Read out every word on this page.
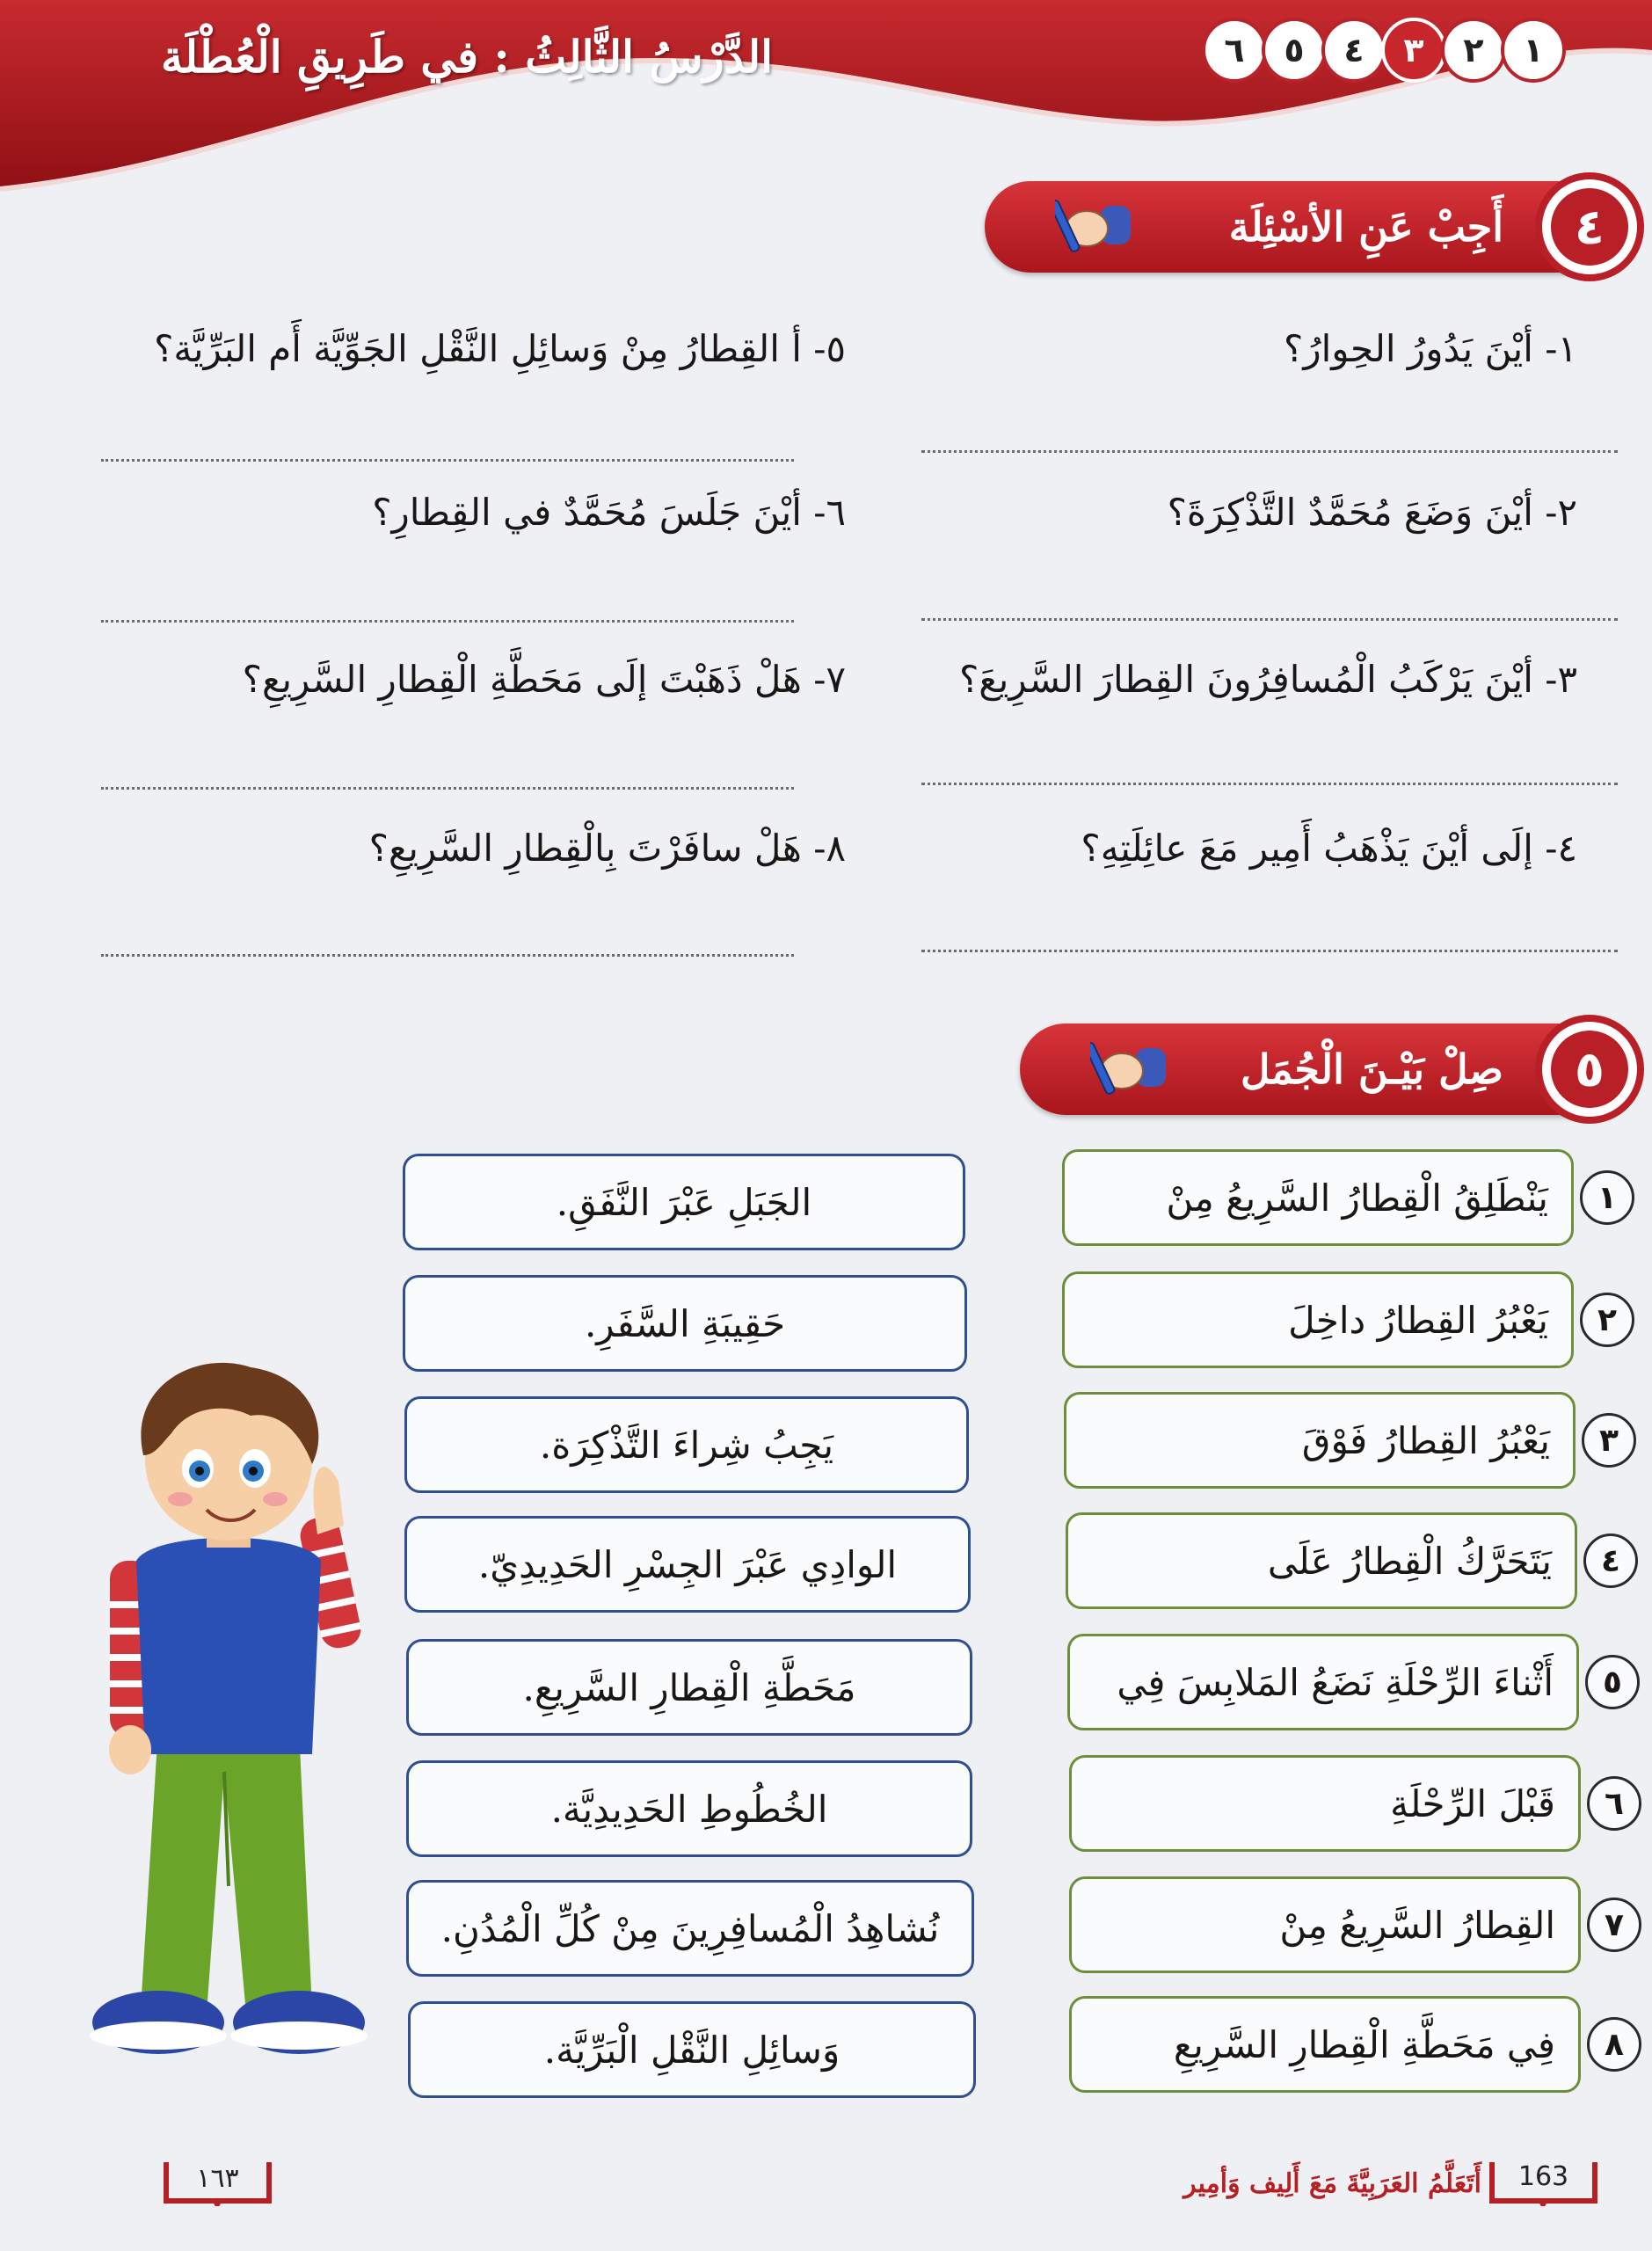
الدَّرْسُ الثَّالِثُ : في طَرِيقِ الْعُطْلَة	٦	٥	٤	٣	٢	١
٤
أَجِبْ عَنِ الأسْئِلَة
١- أيْنَ يَدُورُ الحِوارُ؟
٢- أيْنَ وَضَعَ مُحَمَّدٌ التَّذْكِرَةَ؟
٣- أيْنَ يَرْكَبُ الْمُسافِرُونَ القِطارَ السَّرِيعَ؟
٤- إلَى أيْنَ يَذْهَبُ أَمِير مَعَ عائِلَتِهِ؟
٥- أ القِطارُ مِنْ وَسائِلِ النَّقْلِ الجَوِّيَّة أَم البَرِّيَّة؟
٦- أيْنَ جَلَسَ مُحَمَّدٌ في القِطارِ؟
٧- هَلْ ذَهَبْتَ إلَى مَحَطَّةِ الْقِطارِ السَّرِيعِ؟
٨- هَلْ سافَرْتَ بِالْقِطارِ السَّرِيعِ؟
٥
صِلْ بَيْـنَ الْجُمَل
يَنْطَلِقُ الْقِطارُ السَّرِيعُ مِنْ	١
يَعْبُرُ القِطارُ داخِلَ	٢
يَعْبُرُ القِطارُ فَوْقَ	٣
يَتَحَرَّكُ الْقِطارُ عَلَى	٤
أَثْناءَ الرِّحْلَةِ نَضَعُ المَلابِسَ فِي	٥
قَبْلَ الرِّحْلَةِ	٦
القِطارُ السَّرِيعُ مِنْ	٧
فِي مَحَطَّةِ الْقِطارِ السَّرِيعِ	٨
الجَبَلِ عَبْرَ النَّفَقِ.
حَقِيبَةِ السَّفَرِ.
يَجِبُ شِراءَ التَّذْكِرَة.
الوادِي عَبْرَ الجِسْرِ الحَدِيدِيّ.
مَحَطَّةِ الْقِطارِ السَّرِيعِ.
الخُطُوطِ الحَدِيدِيَّة.
نُشاهِدُ الْمُسافِرِينَ مِنْ كُلِّ الْمُدُنِ.
وَسائِلِ النَّقْلِ الْبَرِّيَّة.
١٦٣	163
أَتَعَلَّمُ العَرَبِيَّةَ مَعَ أَلِيف وَأمِير
